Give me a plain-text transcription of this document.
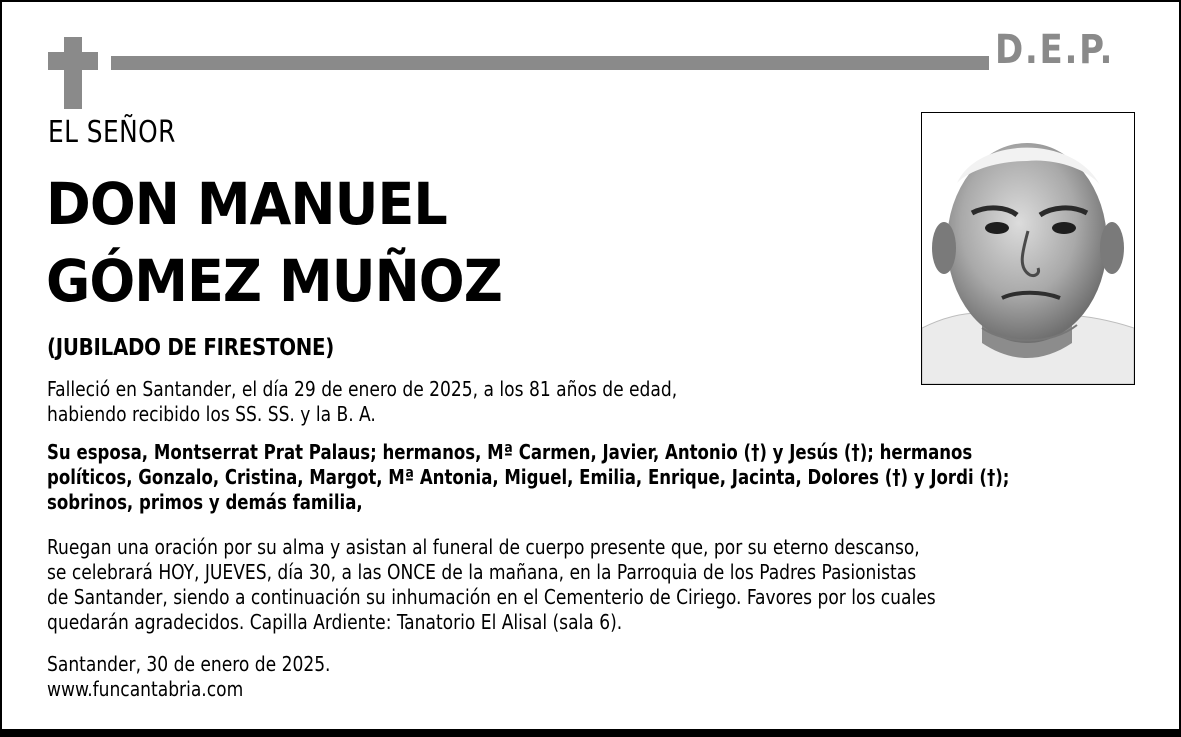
D.E.P.
EL SEÑOR
DON MANUEL
GÓMEZ MUÑOZ
(JUBILADO DE FIRESTONE)
Falleció en Santander, el día 29 de enero de 2025, a los 81 años de edad,
habiendo recibido los SS. SS. y la B. A.
Su esposa, Montserrat Prat Palaus; hermanos, Mª Carmen, Javier, Antonio (†) y Jesús (†); hermanos
políticos, Gonzalo, Cristina, Margot, Mª Antonia, Miguel, Emilia, Enrique, Jacinta, Dolores (†) y Jordi (†);
sobrinos, primos y demás familia,
Ruegan una oración por su alma y asistan al funeral de cuerpo presente que, por su eterno descanso,
se celebrará HOY, JUEVES, día 30, a las ONCE de la mañana, en la Parroquia de los Padres Pasionistas
de Santander, siendo a continuación su inhumación en el Cementerio de Ciriego. Favores por los cuales
quedarán agradecidos. Capilla Ardiente: Tanatorio El Alisal (sala 6).
Santander, 30 de enero de 2025.
www.funcantabria.com
